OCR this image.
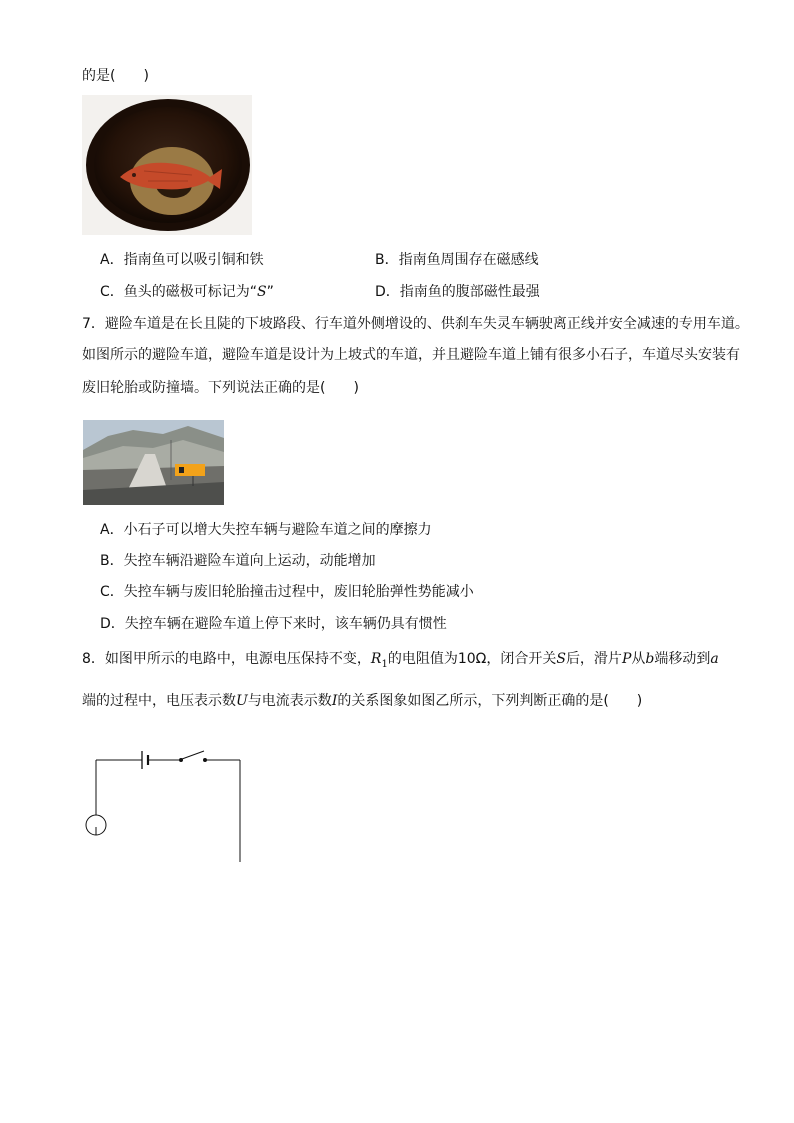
的是(　　)
A．指南鱼可以吸引铜和铁	B．指南鱼周围存在磁感线
C．鱼头的磁极可标记为“S”	D．指南鱼的腹部磁性最强
7．避险车道是在长且陡的下坡路段、行车道外侧增设的、供刹车失灵车辆驶离正线并安全减速的专用车道。
如图所示的避险车道，避险车道是设计为上坡式的车道，并且避险车道上铺有很多小石子，车道尽头安装有
废旧轮胎或防撞墙。下列说法正确的是(　　)
A．小石子可以增大失控车辆与避险车道之间的摩擦力
B．失控车辆沿避险车道向上运动，动能增加
C．失控车辆与废旧轮胎撞击过程中，废旧轮胎弹性势能减小
D．失控车辆在避险车道上停下来时，该车辆仍具有惯性
8．如图甲所示的电路中，电源电压保持不变，$R_1$的电阻值为10Ω，闭合开关S后，滑片P从b端移动到a
端的过程中，电压表示数U与电流表示数I的关系图象如图乙所示，下列判断正确的是(　　)
